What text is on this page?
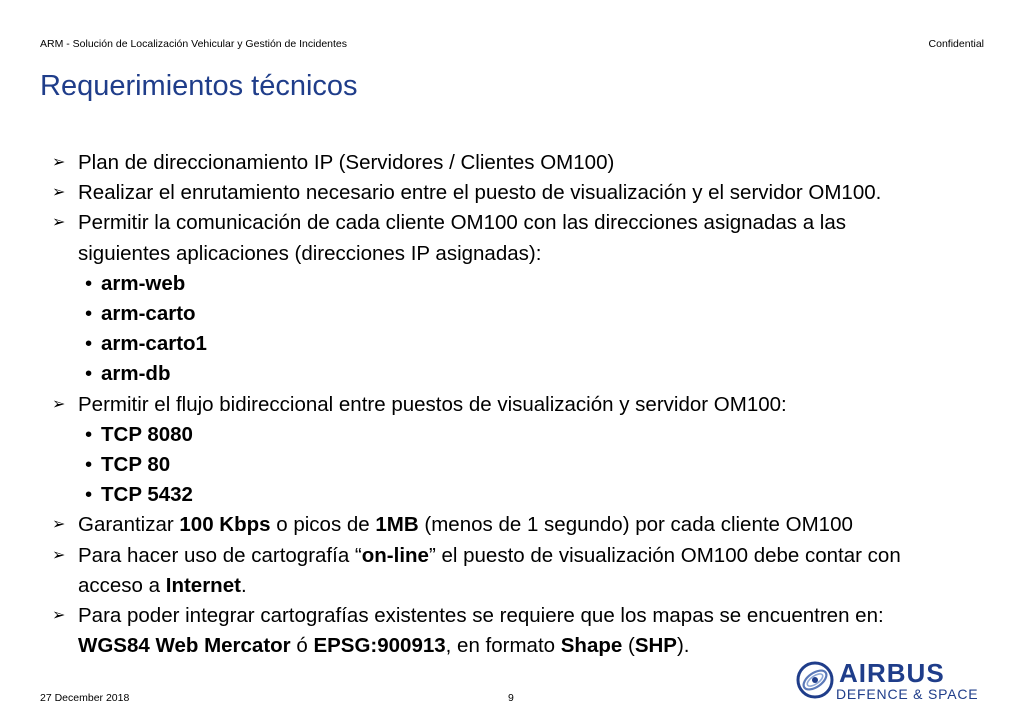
ARM - Solución de Localización Vehicular y Gestión de Incidentes	Confidential
Requerimientos técnicos
➢ Plan de direccionamiento IP (Servidores / Clientes OM100)
➢ Realizar el enrutamiento necesario entre el puesto de visualización y el servidor OM100.
➢ Permitir la comunicación de cada cliente OM100 con las direcciones asignadas a las
siguientes aplicaciones (direcciones IP asignadas):
• arm-web
• arm-carto
• arm-carto1
• arm-db
➢ Permitir el flujo bidireccional entre puestos de visualización y servidor OM100:
• TCP 8080
• TCP 80
• TCP 5432
➢ Garantizar 100 Kbps o picos de 1MB (menos de 1 segundo) por cada cliente OM100
➢ Para hacer uso de cartografía “on-line” el puesto de visualización OM100 debe contar con
acceso a Internet.
➢ Para poder integrar cartografías existentes se requiere que los mapas se encuentren en:
WGS84 Web Mercator ó EPSG:900913, en formato Shape (SHP).
27 December 2018	9
AIRBUS
DEFENCE & SPACE
